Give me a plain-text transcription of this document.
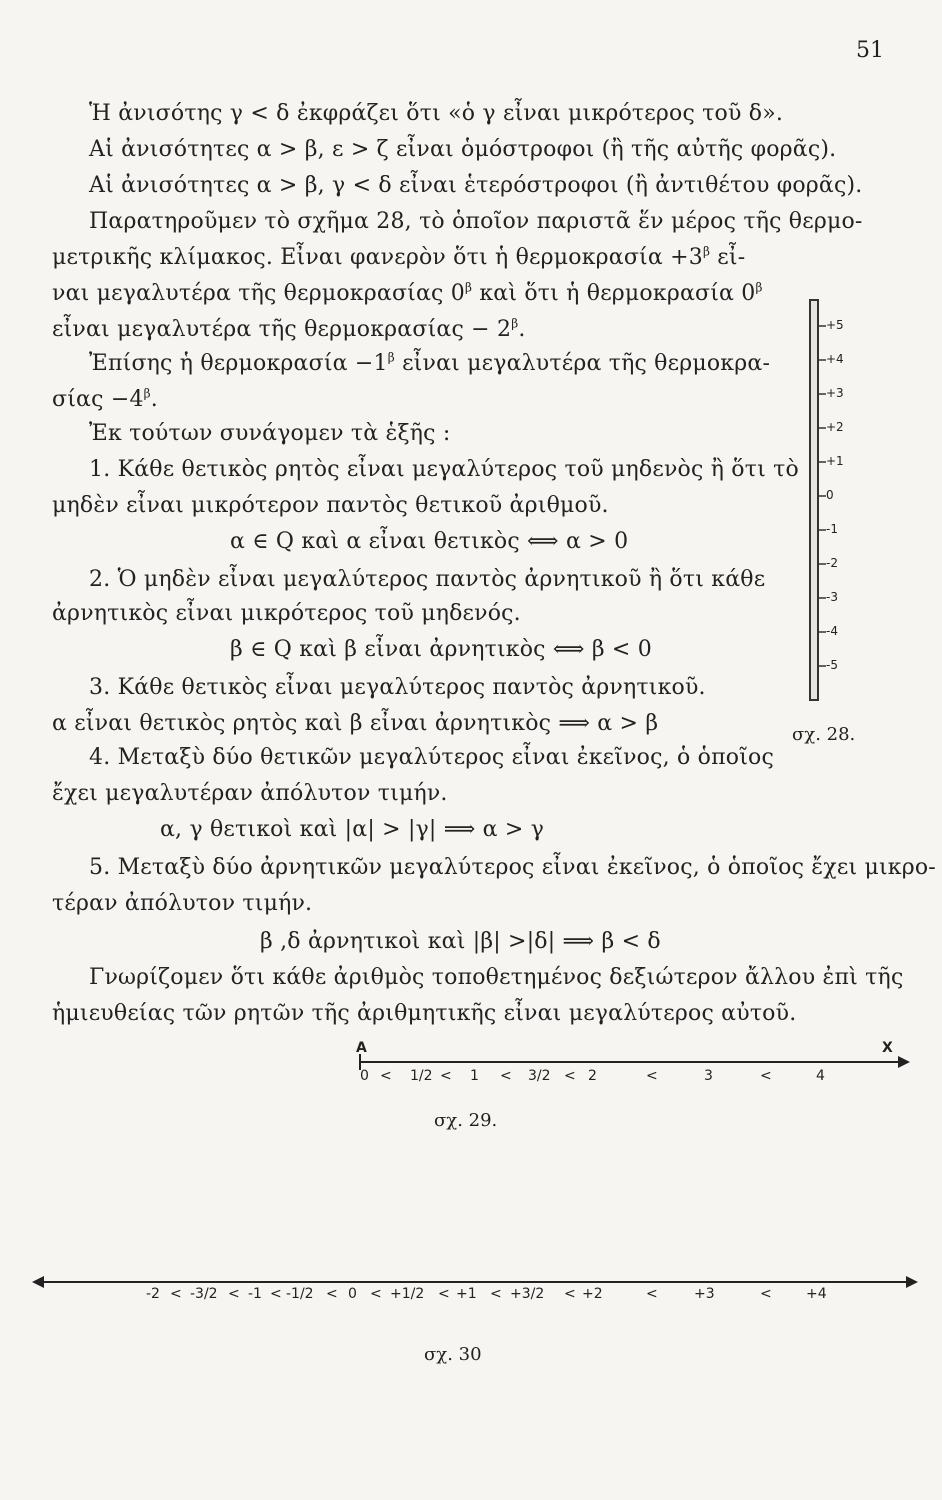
51
Ἡ ἀνισότης γ < δ ἐκφράζει ὅτι «ὁ γ εἶναι μικρότερος τοῦ δ».
Αἱ ἀνισότητες α > β, ε > ζ εἶναι ὁμόστροφοι (ἢ τῆς αὐτῆς φορᾶς).
Αἱ ἀνισότητες α > β, γ < δ εἶναι ἑτερόστροφοι (ἢ ἀντιθέτου φορᾶς).
Παρατηροῦμεν τὸ σχῆμα 28, τὸ ὁποῖον παριστᾶ ἕν μέρος τῆς θερμο-
μετρικῆς κλίμακος. Εἶναι φανερὸν ὅτι ἡ $\theta\varepsilon\rho\mu o\kappa\rho\alpha\sigma ί\alpha +3^\beta$ εἶ-
ναι μεγαλυτέρα τῆς θερμοκρασίας $0^\beta$ καὶ ὅτι ἡ θερμοκρασία $0^\beta$
εἶναι μεγαλυτέρα τῆς $\theta\varepsilon\rho\mu o\kappa\rho\alpha\sigma ί\alpha\varsigma - 2^\beta$.
Ἐπίσης ἡ $\theta\varepsilon\rho\mu o\kappa\rho\alpha\sigma ί\alpha -1^\beta$ εἶναι μεγαλυτέρα τῆς θερμοκρα-
$\sigma ί\alpha\varsigma -4^\beta$.
Ἐκ τούτων συνάγομεν τὰ ἑξῆς :
1. Κάθε θετικὸς ρητὸς εἶναι μεγαλύτερος τοῦ μηδενὸς ἢ ὅτι τὸ
μηδὲν εἶναι μικρότερον παντὸς θετικοῦ ἀριθμοῦ.
α ∈ Q καὶ α εἶναι θετικὸς ⟺ α > 0
2. Ὁ μηδὲν εἶναι μεγαλύτερος παντὸς ἀρνητικοῦ ἢ ὅτι κάθε
ἀρνητικὸς εἶναι μικρότερος τοῦ μηδενός.
β ∈ Q καὶ β εἶναι ἀρνητικὸς ⟺ β < 0
3. Κάθε θετικὸς εἶναι μεγαλύτερος παντὸς ἀρνητικοῦ.
α εἶναι θετικὸς ρητὸς καὶ β εἶναι ἀρνητικὸς ⟹ α > β
4. Μεταξὺ δύο θετικῶν μεγαλύτερος εἶναι ἐκεῖνος, ὁ ὁποῖος
ἔχει μεγαλυτέραν ἀπόλυτον τιμήν.
α, γ θετικοὶ καὶ |α| > |γ| ⟹ α > γ
5. Μεταξὺ δύο ἀρνητικῶν μεγαλύτερος εἶναι ἐκεῖνος, ὁ ὁποῖος ἔχει μικρο-
τέραν ἀπόλυτον τιμήν.
β ,δ ἀρνητικοὶ καὶ |β| >|δ| ⟹ β < δ
Γνωρίζομεν ὅτι κάθε ἀριθμὸς τοποθετημένος δεξιώτερον ἄλλου ἐπὶ τῆς
ἡμιευθείας τῶν ρητῶν τῆς ἀριθμητικῆς εἶναι μεγαλύτερος αὐτοῦ.
+5
+4
+3
+2
+1
0
-1
-2
-3
-4
-5
σχ. 28.
A	X
0 < 1/2 < 1 < 3/2 < 2	<	3	<	4
σχ. 29.
-2 < -3/2 < -1 < -1/2 < 0 < +1/2 < +1 < +3/2 < +2	<	+3	< +4
σχ. 30
